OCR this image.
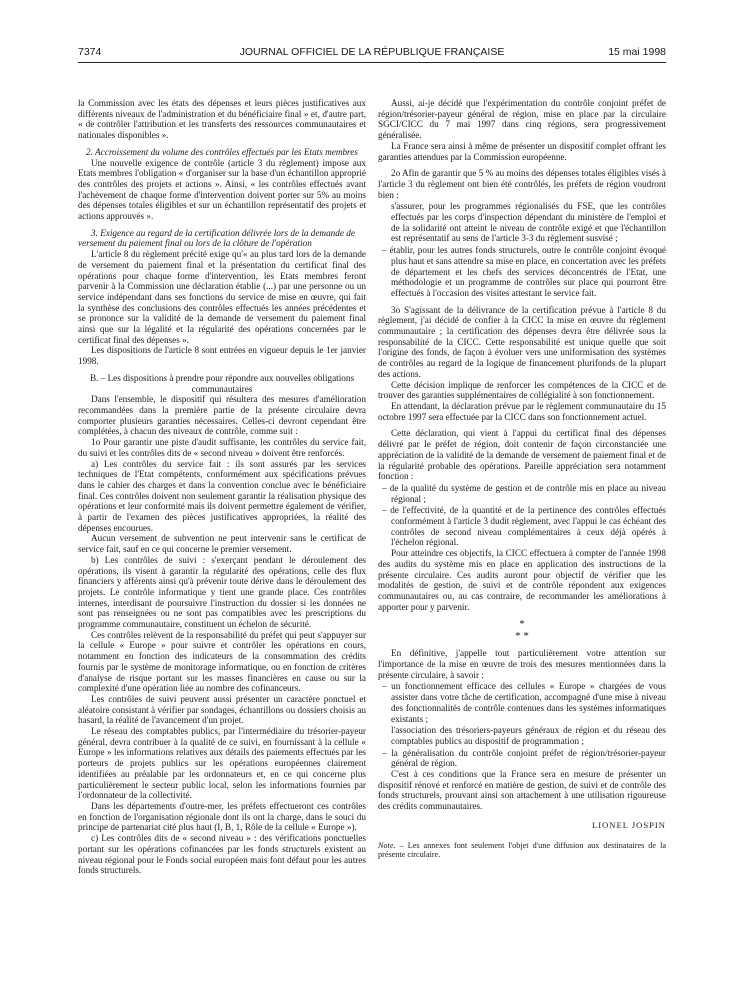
7374	JOURNAL OFFICIEL DE LA RÉPUBLIQUE FRANÇAISE	15 mai 1998

la Commission avec les états des dépenses et leurs pièces justificatives aux différents niveaux de l'administration et du bénéficiaire final » et, d'autre part, « de contrôler l'attribution et les transferts des ressources communautaires et nationales disponibles ».

2. Accroissement du volume des contrôles effectués par les Etats membres

Une nouvelle exigence de contrôle (article 3 du règlement) impose aux Etats membres l'obligation « d'organiser sur la base d'un échantillon approprié des contrôles des projets et actions ». Ainsi, « les contrôles effectués avant l'achèvement de chaque forme d'intervention doivent porter sur 5% au moins des dépenses totales éligibles et sur un échantillon représentatif des projets et actions approuvés ».

3. Exigence au regard de la certification délivrée lors de la demande de versement du paiement final ou lors de la clôture de l'opération

L'article 8 du règlement précité exige qu'« au plus tard lors de la demande de versement du paiement final et la présentation du certificat final des opérations pour chaque forme d'intervention, les Etats membres feront parvenir à la Commission une déclaration établie (...) par une personne ou un service indépendant dans ses fonctions du service de mise en œuvre, qui fait la synthèse des conclusions des contrôles effectués les années précédentes et se prononce sur la validité de la demande de versement du paiement final ainsi que sur la légalité et la régularité des opérations concernées par le certificat final des dépenses ».

Les dispositions de l'article 8 sont entrées en vigueur depuis le 1er janvier 1998.

B. – Les dispositions à prendre pour répondre aux nouvelles obligations communautaires

Dans l'ensemble, le dispositif qui résultera des mesures d'amélioration recommandées dans la première partie de la présente circulaire devra comporter plusieurs garanties nécessaires. Celles-ci devront cependant être complétées, à chacun des niveaux de contrôle, comme suit :

1o Pour garantir une piste d'audit suffisante, les contrôles du service fait, du suivi et les contrôles dits de « second niveau » doivent être renforcés.

a) Les contrôles du service fait : ils sont assurés par les services techniques de l'Etat compétents, conformément aux spécifications prévues dans le cahier des charges et dans la convention conclue avec le bénéficiaire final. Ces contrôles doivent non seulement garantir la réalisation physique des opérations et leur conformité mais ils doivent permettre également de vérifier, à partir de l'examen des pièces justificatives appropriées, la réalité des dépenses encourues.

Aucun versement de subvention ne peut intervenir sans le certificat de service fait, sauf en ce qui concerne le premier versement.

b) Les contrôles de suivi : s'exerçant pendant le déroulement des opérations, ils visent à garantir la régularité des opérations, celle des flux financiers y afférents ainsi qu'à prévenir toute dérive dans le déroulement des projets. Le contrôle informatique y tient une grande place. Ces contrôles internes, interdisant de poursuivre l'instruction du dossier si les données ne sont pas renseignées ou ne sont pas compatibles avec les prescriptions du programme communautaire, constituent un échelon de sécurité.

Ces contrôles relèvent de la responsabilité du préfet qui peut s'appuyer sur la cellule « Europe » pour suivre et contrôler les opérations en cours, notamment en fonction des indicateurs de la consommation des crédits fournis par le système de monitorage informatique, ou en fonction de critères d'analyse de risque portant sur les masses financières en cause ou sur la complexité d'une opération liée au nombre des cofinanceurs.

Les contrôles de suivi peuvent aussi présenter un caractère ponctuel et aléatoire consistant à vérifier par sondages, échantillons ou dossiers choisis au hasard, la réalité de l'avancement d'un projet.

Le réseau des comptables publics, par l'intermédiaire du trésorier-payeur général, devra contribuer à la qualité de ce suivi, en fournissant à la cellule « Europe » les informations relatives aux détails des paiements effectués par les porteurs de projets publics sur les opérations européennes clairement identifiées au préalable par les ordonnateurs et, en ce qui concerne plus particulièrement le secteur public local, selon les informations fournies par l'ordonnateur de la collectivité.

Dans les départements d'outre-mer, les préfets effectueront ces contrôles en fonction de l'organisation régionale dont ils ont la charge, dans le souci du principe de partenariat cité plus haut (I, B, 1, Rôle de la cellule « Europe »).

c) Les contrôles dits de « second niveau » : des vérifications ponctuelles portant sur les opérations cofinancées par les fonds structurels existent au niveau régional pour le Fonds social européen mais font défaut pour les autres fonds structurels.

Aussi, ai-je décidé que l'expérimentation du contrôle conjoint préfet de région/trésorier-payeur général de région, mise en place par la circulaire SGCI/CICC du 7 mai 1997 dans cinq régions, sera progressivement généralisée.

La France sera ainsi à même de présenter un dispositif complet offrant les garanties attendues par la Commission européenne.

2o Afin de garantir que 5 % au moins des dépenses totales éligibles visés à l'article 3 du règlement ont bien été contrôlés, les préfets de région voudront bien :

s'assurer, pour les programmes régionalisés du FSE, que les contrôles effectués par les corps d'inspection dépendant du ministère de l'emploi et de la solidarité ont atteint le niveau de contrôle exigé et que l'échantillon est représentatif au sens de l'article 3-3 du règlement susvisé ;

– établir, pour les autres fonds structurels, outre le contrôle conjoint évoqué plus haut et sans attendre sa mise en place, en concertation avec les préfets de département et les chefs des services déconcentrés de l'Etat, une méthodologie et un programme de contrôles sur place qui pourront être effectués à l'occasion des visites attestant le service fait.

3o S'agissant de la délivrance de la certification prévue à l'article 8 du règlement, j'ai décidé de confier à la CICC la mise en œuvre du règlement communautaire ; la certification des dépenses devra être délivrée sous la responsabilité de la CICC. Cette responsabilité est unique quelle que soit l'origine des fonds, de façon à évoluer vers une uniformisation des systèmes de contrôles au regard de la logique de financement plurifonds de la plupart des actions.

Cette décision implique de renforcer les compétences de la CICC et de trouver des garanties supplémentaires de collégialité à son fonctionnement.

En attendant, la déclaration prévue par le règlement communautaire du 15 octobre 1997 sera effectuée par la CICC dans son fonctionnement actuel.

Cette déclaration, qui vient à l'appui du certificat final des dépenses délivré par le préfet de région, doit contenir de façon circonstanciée une appréciation de la validité de la demande de versement de paiement final et de la régularité probable des opérations. Pareille appréciation sera notamment fonction :

– de la qualité du système de gestion et de contrôle mis en place au niveau régional ;

– de l'effectivité, de la quantité et de la pertinence des contrôles effectués conformément à l'article 3 dudit règlement, avec l'appui le cas échéant des contrôles de second niveau complémentaires à ceux déjà opérés à l'échelon régional.

Pour atteindre ces objectifs, la CICC effectuera à compter de l'année 1998 des audits du système mis en place en application des instructions de la présente circulaire. Ces audits auront pour objectif de vérifier que les modalités de gestion, de suivi et de contrôle répondent aux exigences communautaires ou, au cas contraire, de recommander les améliorations à apporter pour y parvenir.

*
* *

En définitive, j'appelle tout particulièrement votre attention sur l'importance de la mise en œuvre de trois des mesures mentionnées dans la présente circulaire, à savoir :

– un fonctionnement efficace des cellules « Europe » chargées de vous assister dans votre tâche de certification, accompagné d'une mise à niveau des fonctionnalités de contrôle contenues dans les systèmes informatiques existants ;

l'association des trésoriers-payeurs généraux de région et du réseau des comptables publics au dispositif de programmation ;

– la généralisation du contrôle conjoint préfet de région/trésorier-payeur général de région.

C'est à ces conditions que la France sera en mesure de présenter un dispositif rénové et renforcé en matière de gestion, de suivi et de contrôle des fonds structurels, prouvant ainsi son attachement à une utilisation rigoureuse des crédits communautaires.

LIONEL JOSPIN
Note. – Les annexes font seulement l'objet d'une diffusion aux destinataires de la présente circulaire.
